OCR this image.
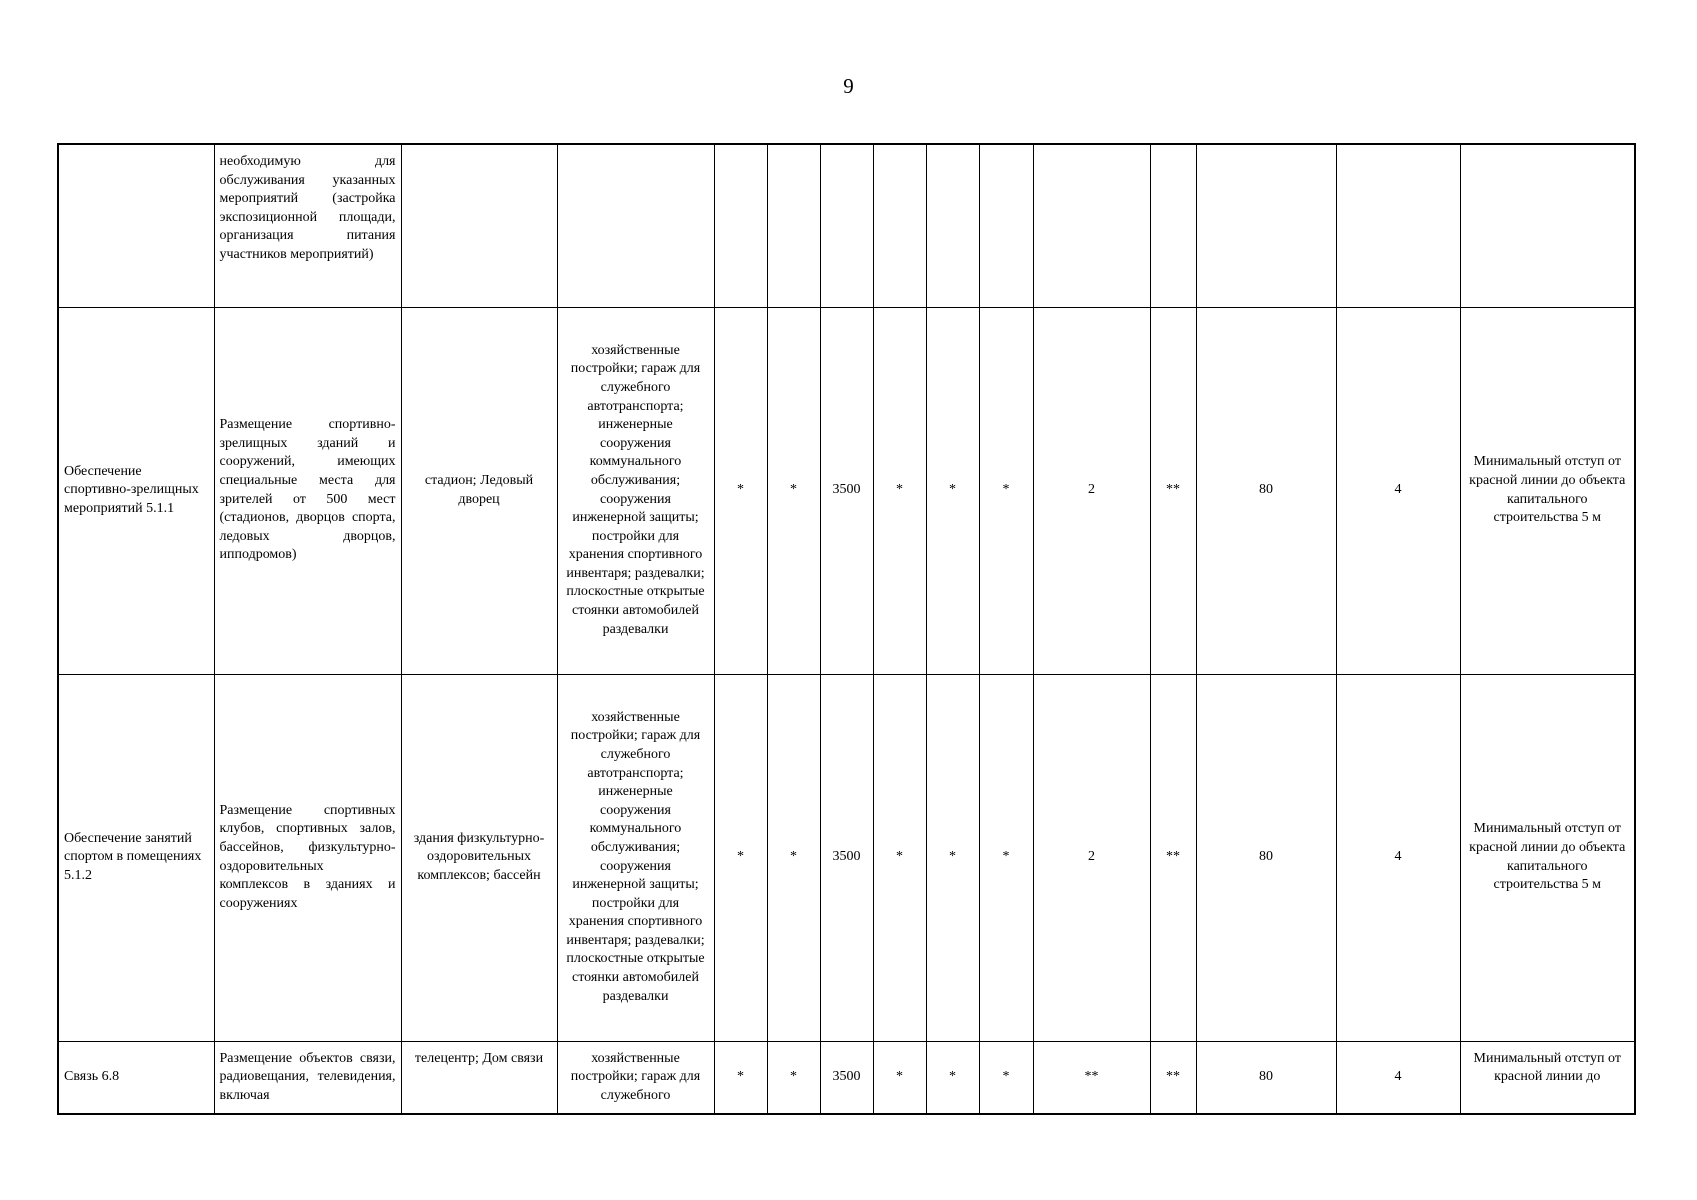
9
	необходимую для обслуживания указанных мероприятий (застройка экспозиционной площади, организация питания участников мероприятий)													
Обеспечение спортивно-зрелищных мероприятий 5.1.1	Размещение спортивно-зрелищных зданий и сооружений, имеющих специальные места для зрителей от 500 мест (стадионов, дворцов спорта, ледовых дворцов, ипподромов)	стадион; Ледовый дворец	хозяйственные постройки; гараж для служебного автотранспорта; инженерные сооружения коммунального обслуживания; сооружения инженерной защиты; постройки для хранения спортивного инвентаря; раздевалки; плоскостные открытые стоянки автомобилей раздевалки	*	*	3500	*	*	*	2	**	80	4	Минимальный отступ от красной линии до объекта капитального строительства 5 м
Обеспечение занятий спортом в помещениях 5.1.2	Размещение спортивных клубов, спортивных залов, бассейнов, физкультурно-оздоровительных комплексов в зданиях и сооружениях	здания физкультурно-оздоровительных комплексов; бассейн	хозяйственные постройки; гараж для служебного автотранспорта; инженерные сооружения коммунального обслуживания; сооружения инженерной защиты; постройки для хранения спортивного инвентаря; раздевалки; плоскостные открытые стоянки автомобилей раздевалки	*	*	3500	*	*	*	2	**	80	4	Минимальный отступ от красной линии до объекта капитального строительства 5 м
Связь 6.8	Размещение объектов связи, радиовещания, телевидения, включая	телецентр; Дом связи	хозяйственные постройки; гараж для служебного	*	*	3500	*	*	*	**	**	80	4	Минимальный отступ от красной линии до
